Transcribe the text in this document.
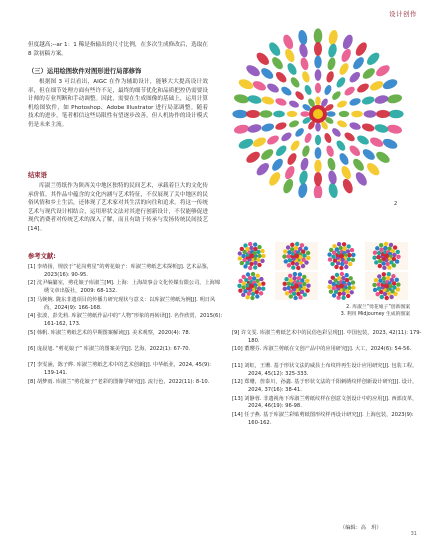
设计创作
但度越高;--ar 1：1 稀是指输出的尺寸比例，在多次生成修改后，选取在 8 款初稿方案。
（三）运用绘图软件对图形进行局部修饰
根据图 3 可以看出，AIGC 在作为辅助设计，能够大大提高设计效率，但在细节处理方面有些许不足，最终的细节优化和品质把控仍需要设计师的专业判断和手动调整。因此，需要在生成图像的基础上，运用计算机绘图软件，如 Photoshop、Adobe Illustrator 进行局部调整。随着技术的进步，笔者相信这些局限性有望逐步改善，但人机协作的设计模式仍是未来主流。
结束语
库淑兰剪纸作为陕西关中地区独特的民间艺术，承载着巨大的文化传承价值。其作品中蕴含的文化内涵与艺术特征，不仅展现了关中地区的民俗风情和乡土生活，还体现了艺术家对其生活的向往和追求。将这一传统艺术与现代设计相结合，运用形状文法对其进行创新设计，不仅能够促进现代消费者对传统艺术的深入了解，而且有助于传承与发扬传统民间技艺[14]。
参考文献:
[1] 李靖扬，规放于“花岗剪星”的剪花娘子：库淑兰剪纸艺术探析[J]. 艺术品鉴，2023(16): 90-95.
[2] 沈尹编纂室，剪花娘子库淑兰[M]. 上海：上海故事会文化传媒有限公司，上海锦绣文章出版社，2009: 68-132.
[3] 马婉婉. 陇东非遗项目的传播力研究现状与意义：以库淑兰剪纸为例[J]. 明日风尚，2024(9): 166-168.
[4] 张波，彭先莉. 库淑兰剪纸作品中的“人物”形象的再转译[J]. 名作欣赏，2015(6): 161-162, 173.
[5] 韩帆. 库淑兰剪纸艺术的早期图案解读[J]. 美术观察，2020(4): 78.
[6] 庞晨旭. “剪花娘子” 库淑兰的图案美学[J]. 艺海，2022(1): 67-70.
[7] 李雯涵，陈子晔. 库淑兰剪纸艺术中的艺术创新[J]. 中华纸业，2024, 45(9): 139-141.
[8] 胡梦雨. 库淑兰“剪花娘子”老彩的图像学研究[J]. 流行色，2022(11): 8-10.
[9] 许文雯. 库淑兰剪纸艺术中的民俗色彩呈现[J]. 中国包装，2023, 42(11): 179-180.
[10] 董瓔芬. 库淑兰剪纸在文创产品中的应用研究[J]. 大工，2024(6): 54-56.
[11] 刘虹，王珊. 基于形状文法的威县土布纹样再生设计应用研究[J]. 包装工程，2024, 45(12): 325-333.
[12] 郑珊，詹泰川，孙鑫. 基于形状文法的千阳刺绣纹样创新设计研究[J]. 设计，2024, 37(16): 38-41.
[13] 刘静蓉. 非遗视角下库淑兰剪纸纹样在创意文创设计中的应用[J]. 西部皮革，2024, 46(19): 96-98.
[14] 任子燕. 基于库淑兰彩贴剪纸图形纹样再设计研究[J]. 上海包装，2023(9): 160-162.
（编辑：高　玥）
2
2. 库淑兰“剪花娘子”创新图案
3. 利用 Midjourney 生成的图案
31
